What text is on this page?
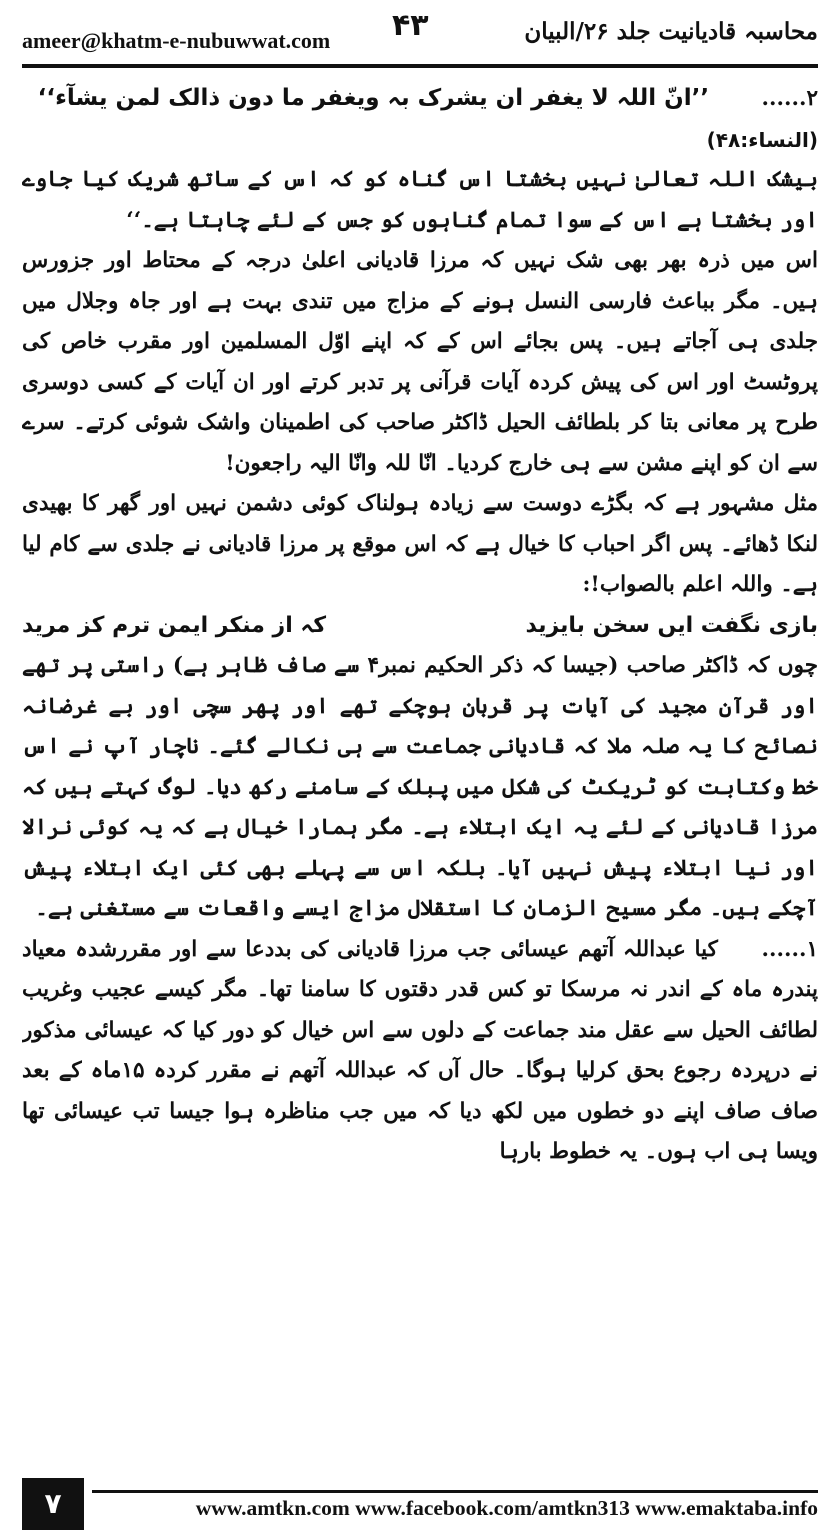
ameer@khatm-e-nubuwwat.com ۴۳	محاسبہ قادیانیت جلد ۲۶/البیان

۲......       ’’انّ اللہ لا یغفر ان یشرک بہ ویغفر ما دون ذالک لمن یشآء‘‘

(النساء:۴۸)

بیشک اللہ تعالیٰ نہیں بخشتا اس گناہ کو کہ اس کے ساتھ شریک کیا جاوے اور بخشتا ہے اس کے سوا تمام گناہوں کو جس کے لئے چاہتا ہے۔‘‘

اس میں ذرہ بھر بھی شک نہیں کہ مرزا قادیانی اعلیٰ درجہ کے محتاط اور جزورس ہیں۔ مگر بباعث فارسی النسل ہونے کے مزاج میں تندی بہت ہے اور جاہ وجلال میں جلدی ہی آجاتے ہیں۔ پس بجائے اس کے کہ اپنے اوّل المسلمین اور مقرب خاص کی پروٹسٹ اور اس کی پیش کردہ آیات قرآنی پر تدبر کرتے اور ان آیات کے کسی دوسری طرح پر معانی بتا کر بلطائف الحیل ڈاکٹر صاحب کی اطمینان واشک شوئی کرتے۔ سرے سے ان کو اپنے مشن سے ہی خارج کردیا۔ انّا للہ وانّا الیہ راجعون!

مثل مشہور ہے کہ بگڑے دوست سے زیادہ ہولناک کوئی دشمن نہیں اور گھر کا بھیدی لنکا ڈھائے۔ پس اگر احباب کا خیال ہے کہ اس موقع پر مرزا قادیانی نے جلدی سے کام لیا ہے۔ واللہ اعلم بالصواب!:

بازی نگفت ایں سخن بایزید
کہ از منکر ایمن ترم کز مرید

چوں کہ ڈاکٹر صاحب (جیسا کہ ذکر الحکیم نمبر۴ سے صاف ظاہر ہے) راستی پر تھے اور قرآن مجید کی آیات پر قربان ہوچکے تھے اور پھر سچی اور بے غرضانہ نصائح کا یہ صلہ ملا کہ قادیانی جماعت سے ہی نکالے گئے۔ ناچار آپ نے اس خط وکتابت کو ٹریکٹ کی شکل میں پبلک کے سامنے رکھ دیا۔ لوگ کہتے ہیں کہ مرزا قادیانی کے لئے یہ ایک ابتلاء ہے۔ مگر ہمارا خیال ہے کہ یہ کوئی نرالا اور نیا ابتلاء پیش نہیں آیا۔ بلکہ اس سے پہلے بھی کئی ایک ابتلاء پیش آچکے ہیں۔ مگر مسیح الزمان کا استقلال مزاج ایسے واقعات سے مستغنی ہے۔

۱......     کیا عبداللہ آتھم عیسائی جب مرزا قادیانی کی بددعا سے اور مقررشدہ معیاد پندرہ ماہ کے اندر نہ مرسکا تو کس قدر دقتوں کا سامنا تھا۔ مگر کیسے عجیب وغریب لطائف الحیل سے عقل مند جماعت کے دلوں سے اس خیال کو دور کیا کہ عیسائی مذکور نے درپردہ رجوع بحق کرلیا ہوگا۔ حال آں کہ عبداللہ آتھم نے مقرر کردہ ۱۵ماہ کے بعد صاف صاف اپنے دو خطوں میں لکھ دیا کہ میں جب مناظرہ ہوا جیسا تب عیسائی تھا ویسا ہی اب ہوں۔ یہ خطوط بارہا

۷	www.amtkn.com www.facebook.com/amtkn313 www.emaktaba.info
